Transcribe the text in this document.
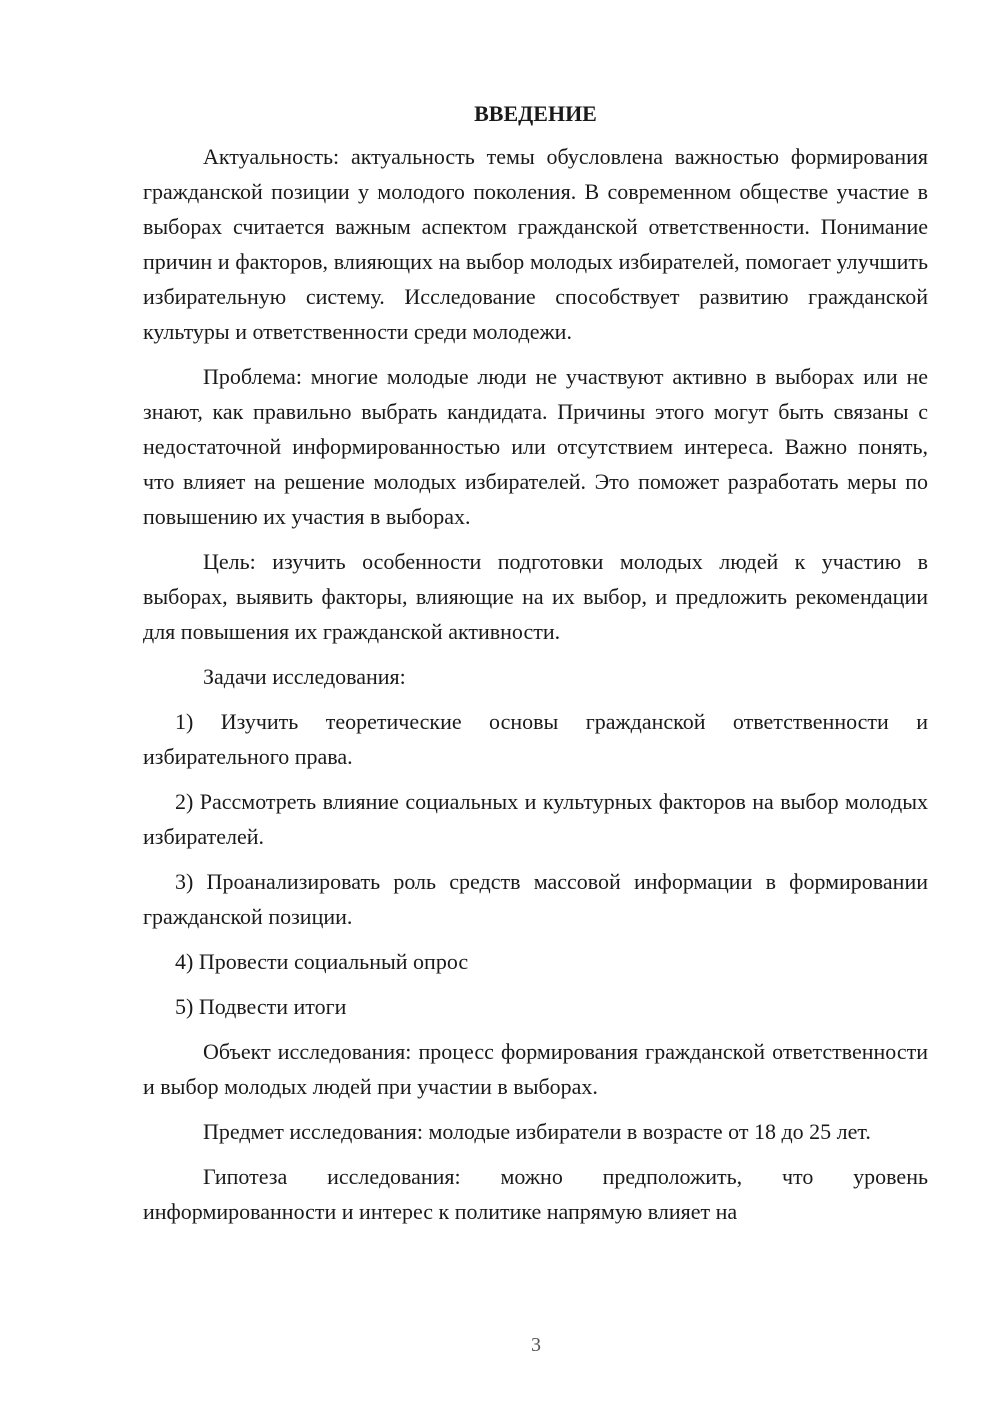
ВВЕДЕНИЕ

Актуальность: актуальность темы обусловлена важностью формирования гражданской позиции у молодого поколения. В современном обществе участие в выборах считается важным аспектом гражданской ответственности. Понимание причин и факторов, влияющих на выбор молодых избирателей, помогает улучшить избирательную систему. Исследование способствует развитию гражданской культуры и ответственности среди молодежи.

Проблема: многие молодые люди не участвуют активно в выборах или не знают, как правильно выбрать кандидата. Причины этого могут быть связаны с недостаточной информированностью или отсутствием интереса. Важно понять, что влияет на решение молодых избирателей. Это поможет разработать меры по повышению их участия в выборах.

Цель: изучить особенности подготовки молодых людей к участию в выборах, выявить факторы, влияющие на их выбор, и предложить рекомендации для повышения их гражданской активности.

Задачи исследования:

1) Изучить теоретические основы гражданской ответственности и избирательного права.

2) Рассмотреть влияние социальных и культурных факторов на выбор молодых избирателей.

3) Проанализировать роль средств массовой информации в формировании гражданской позиции.

4) Провести социальный опрос

5) Подвести итоги

Объект исследования: процесс формирования гражданской ответственности и выбор молодых людей при участии в выборах.

Предмет исследования: молодые избиратели в возрасте от 18 до 25 лет.

Гипотеза исследования: можно предположить, что уровень информированности и интерес к политике напрямую влияет на

3
